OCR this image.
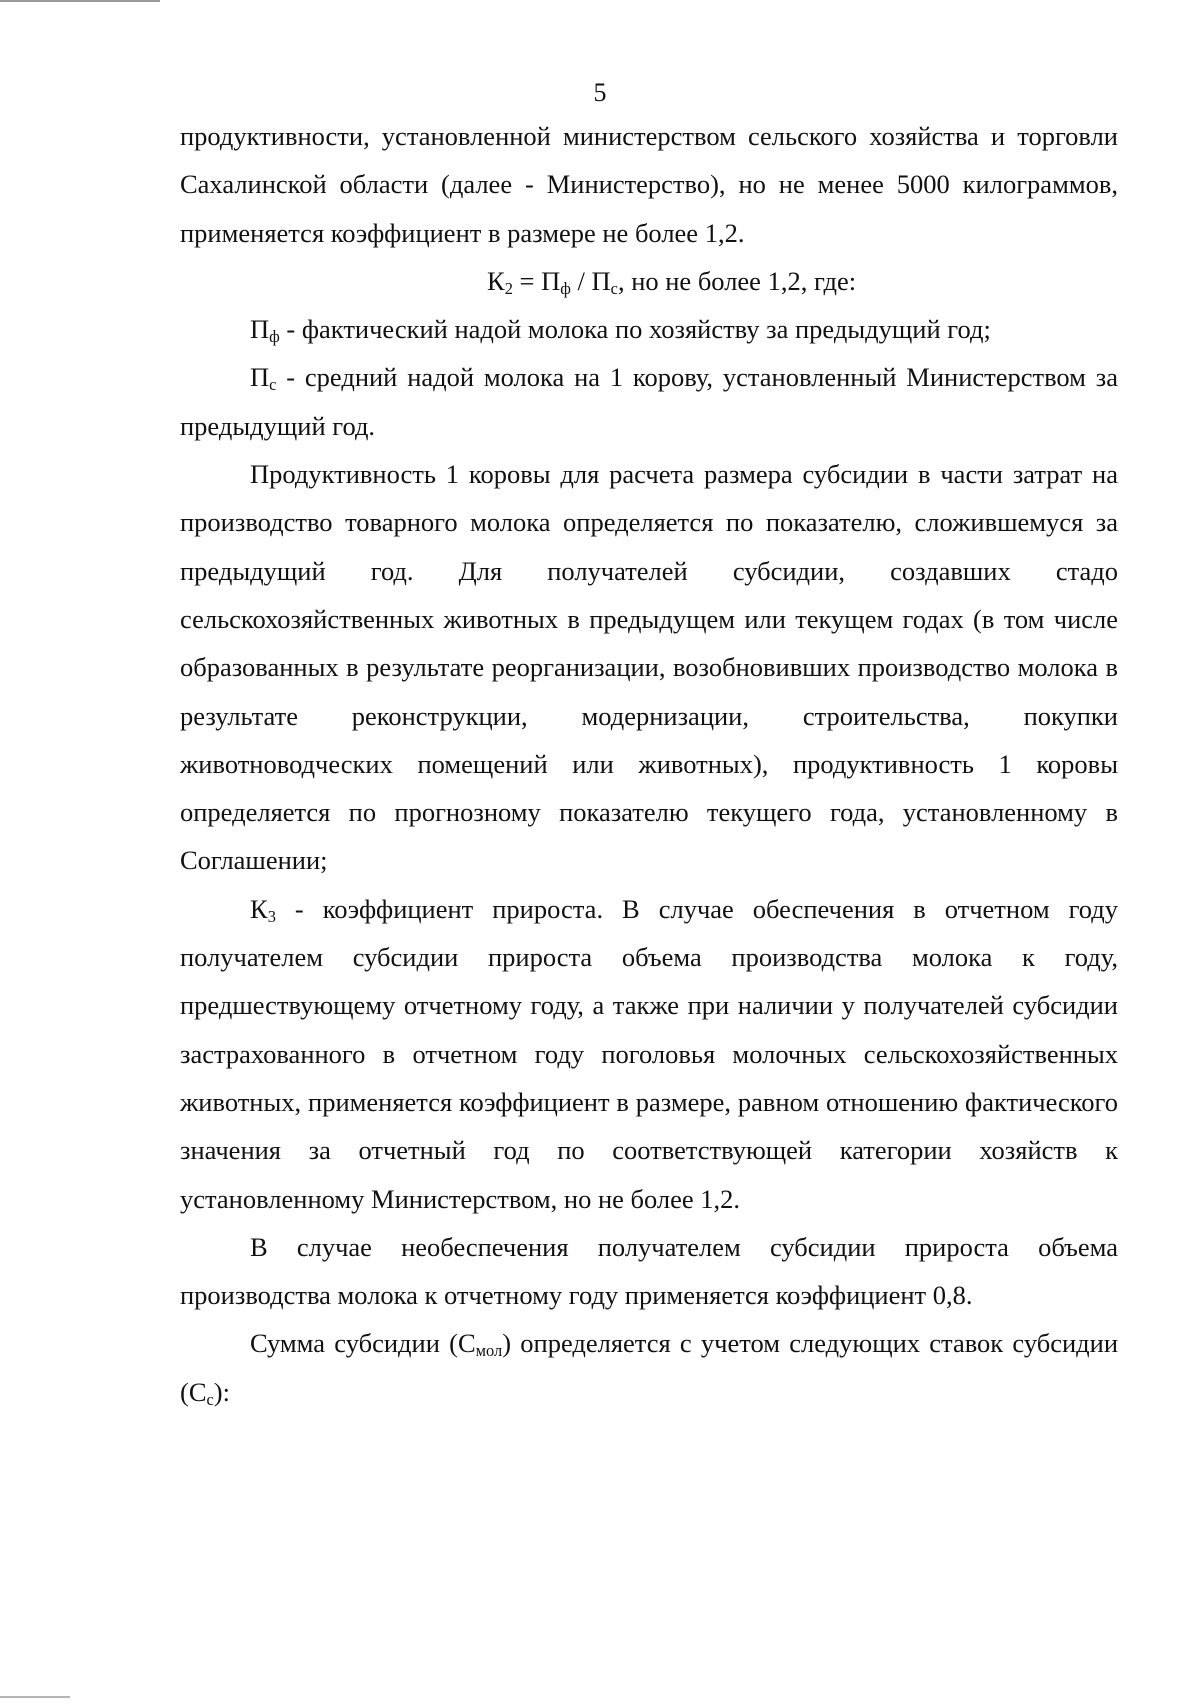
5

продуктивности, установленной министерством сельского хозяйства и торговли Сахалинской области (далее - Министерство), но не менее 5000 килограммов, применяется коэффициент в размере не более 1,2.

$К_2 = П_ф / П_с$, но не более 1,2, где:

$П_ф$ - фактический надой молока по хозяйству за предыдущий год;

$П_с$ - средний надой молока на 1 корову, установленный Министерством за предыдущий год.

Продуктивность 1 коровы для расчета размера субсидии в части затрат на производство товарного молока определяется по показателю, сложившемуся за предыдущий год. Для получателей субсидии, создавших стадо сельскохозяйственных животных в предыдущем или текущем годах (в том числе образованных в результате реорганизации, возобновивших производство молока в результате реконструкции, модернизации, строительства, покупки животноводческих помещений или животных), продуктивность 1 коровы определяется по прогнозному показателю текущего года, установленному в Соглашении;

$К_3$ - коэффициент прироста. В случае обеспечения в отчетном году получателем субсидии прироста объема производства молока к году, предшествующему отчетному году, а также при наличии у получателей субсидии застрахованного в отчетном году поголовья молочных сельскохозяйственных животных, применяется коэффициент в размере, равном отношению фактического значения за отчетный год по соответствующей категории хозяйств к установленному Министерством, но не более 1,2.

В случае необеспечения получателем субсидии прироста объема производства молока к отчетному году применяется коэффициент 0,8.

Сумма субсидии $(С_{мол})$ определяется с учетом следующих ставок субсидии $(С_с)$:
